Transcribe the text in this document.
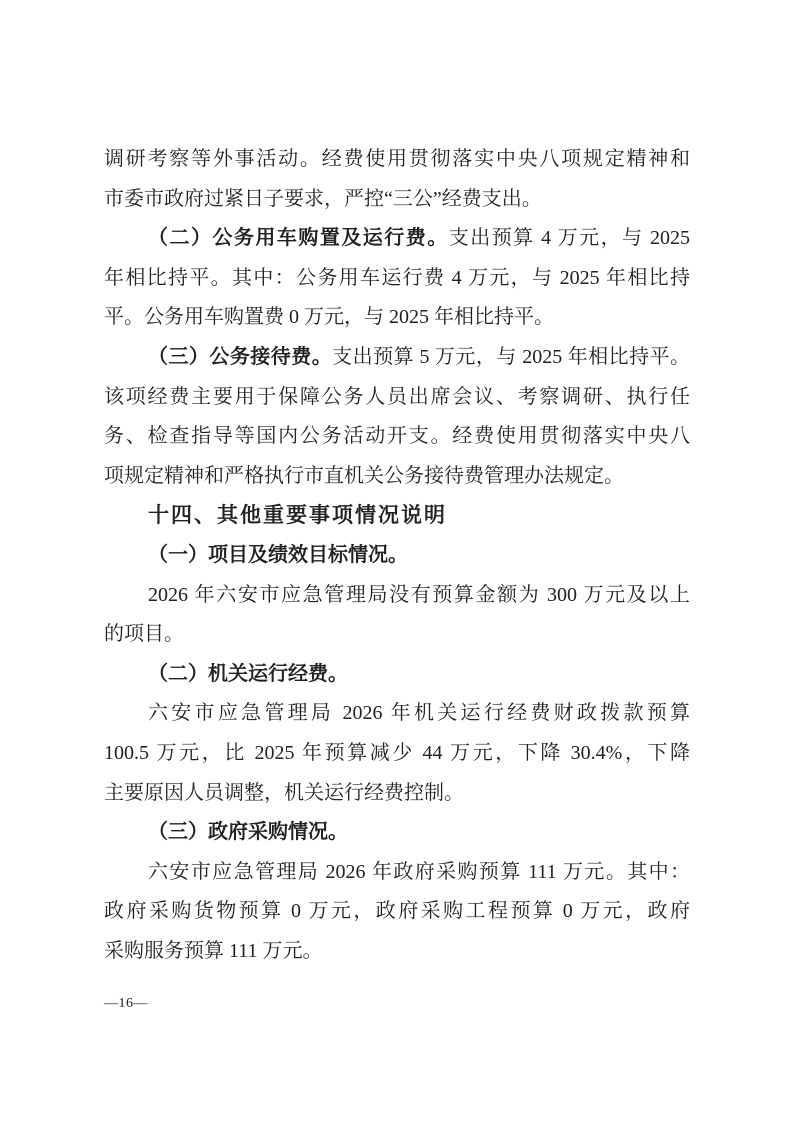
调研考察等外事活动。经费使用贯彻落实中央八项规定精神和
市委市政府过紧日子要求，严控“三公”经费支出。
（二）公务用车购置及运行费。支出预算 4 万元，与 2025
年相比持平。其中：公务用车运行费 4 万元，与 2025 年相比持
平。公务用车购置费 0 万元，与 2025 年相比持平。
（三）公务接待费。支出预算 5 万元，与 2025 年相比持平。
该项经费主要用于保障公务人员出席会议、考察调研、执行任
务、检查指导等国内公务活动开支。经费使用贯彻落实中央八
项规定精神和严格执行市直机关公务接待费管理办法规定。
十四、其他重要事项情况说明
（一）项目及绩效目标情况。
2026 年六安市应急管理局没有预算金额为 300 万元及以上
的项目。
（二）机关运行经费。
六安市应急管理局 2026 年机关运行经费财政拨款预算
100.5 万元，比 2025 年预算减少 44 万元，下降 30.4%，下降
主要原因人员调整，机关运行经费控制。
（三）政府采购情况。
六安市应急管理局 2026 年政府采购预算 111 万元。其中：
政府采购货物预算 0 万元，政府采购工程预算 0 万元，政府
采购服务预算 111 万元。
—16—
